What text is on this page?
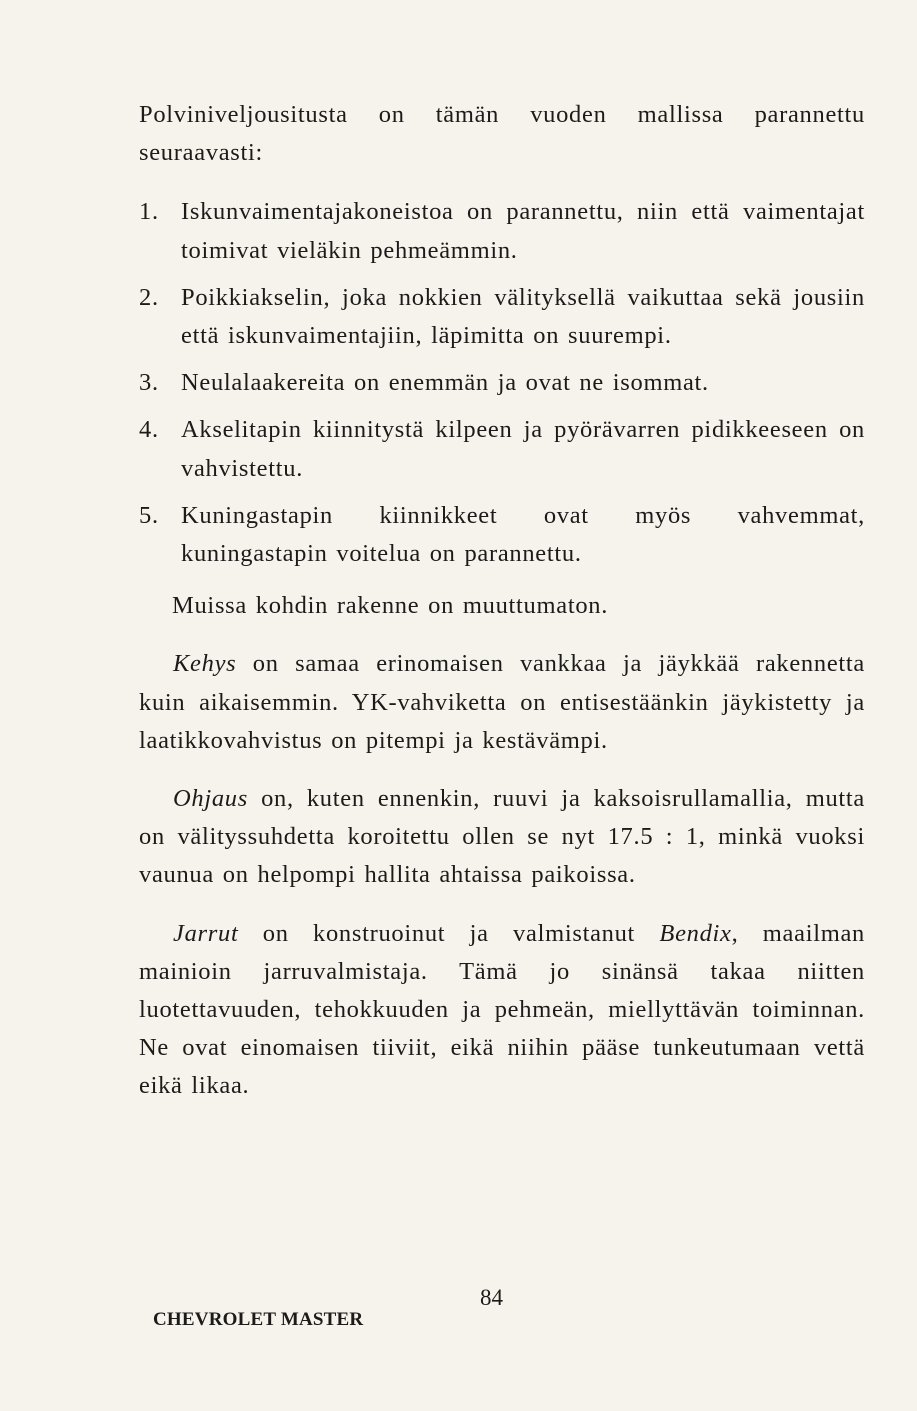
Polviniveljousitusta on tämän vuoden mallissa parannettu seuraavasti:

1. Iskunvaimentajakoneistoa on parannettu, niin että vaimentajat toimivat vieläkin pehmeämmin.
2. Poikkiakselin, joka nokkien välityksellä vaikuttaa sekä jousiin että iskunvaimentajiin, läpimitta on suurempi.
3. Neulalaakereita on enemmän ja ovat ne isommat.
4. Akselitapin kiinnitystä kilpeen ja pyörävarren pidikkeeseen on vahvistettu.
5. Kuningastapin kiinnikkeet ovat myös vahvemmat, kuningastapin voitelua on parannettu.

Muissa kohdin rakenne on muuttumaton.

Kehys on samaa erinomaisen vankkaa ja jäykkää rakennetta kuin aikaisemmin. YK-vahviketta on entisestäänkin jäykistetty ja laatikkovahvistus on pitempi ja kestävämpi.

Ohjaus on, kuten ennenkin, ruuvi ja kaksoisrullamallia, mutta on välityssuhdetta koroitettu ollen se nyt 17.5 : 1, minkä vuoksi vaunua on helpompi hallita ahtaissa paikoissa.

Jarrut on konstruoinut ja valmistanut Bendix, maailman mainioin jarruvalmistaja. Tämä jo sinänsä takaa niitten luotettavuuden, tehokkuuden ja pehmeän, miellyttävän toiminnan. Ne ovat einomaisen tiiviit, eikä niihin pääse tunkeutumaan vettä eikä likaa.

84
CHEVROLET MASTER
